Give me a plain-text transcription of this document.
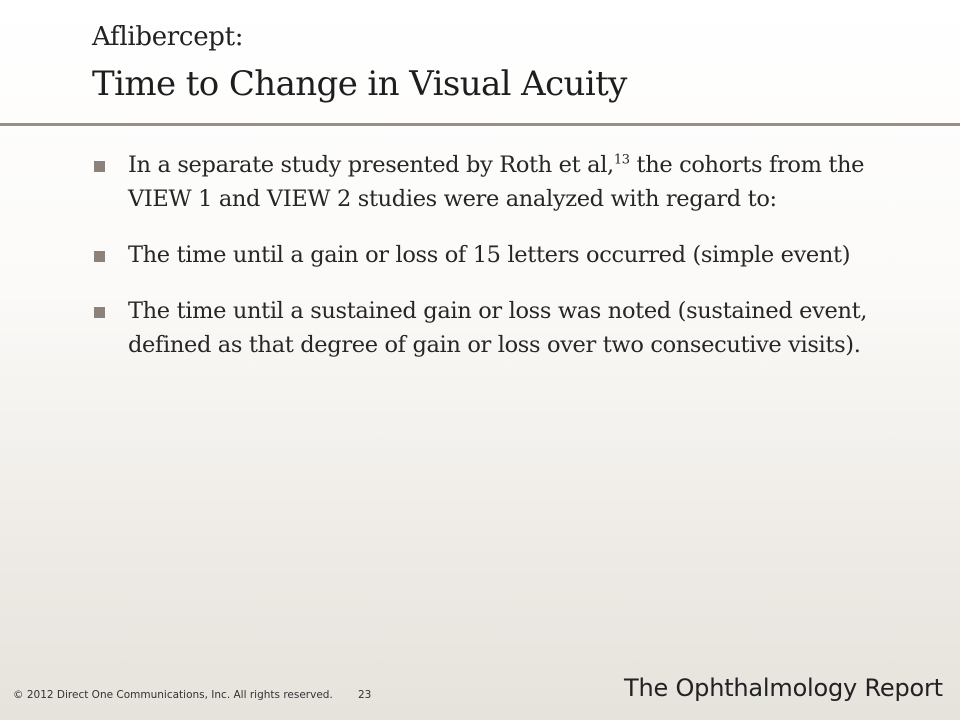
Aflibercept:
Time to Change in Visual Acuity
In a separate study presented by Roth et al,$^{13}$ the cohorts from the VIEW 1 and VIEW 2 studies were analyzed with regard to:
The time until a gain or loss of 15 letters occurred (simple event)
The time until a sustained gain or loss was noted (sustained event, defined as that degree of gain or loss over two consecutive visits).
© 2012 Direct One Communications, Inc. All rights reserved. 23	The Ophthalmology Report
